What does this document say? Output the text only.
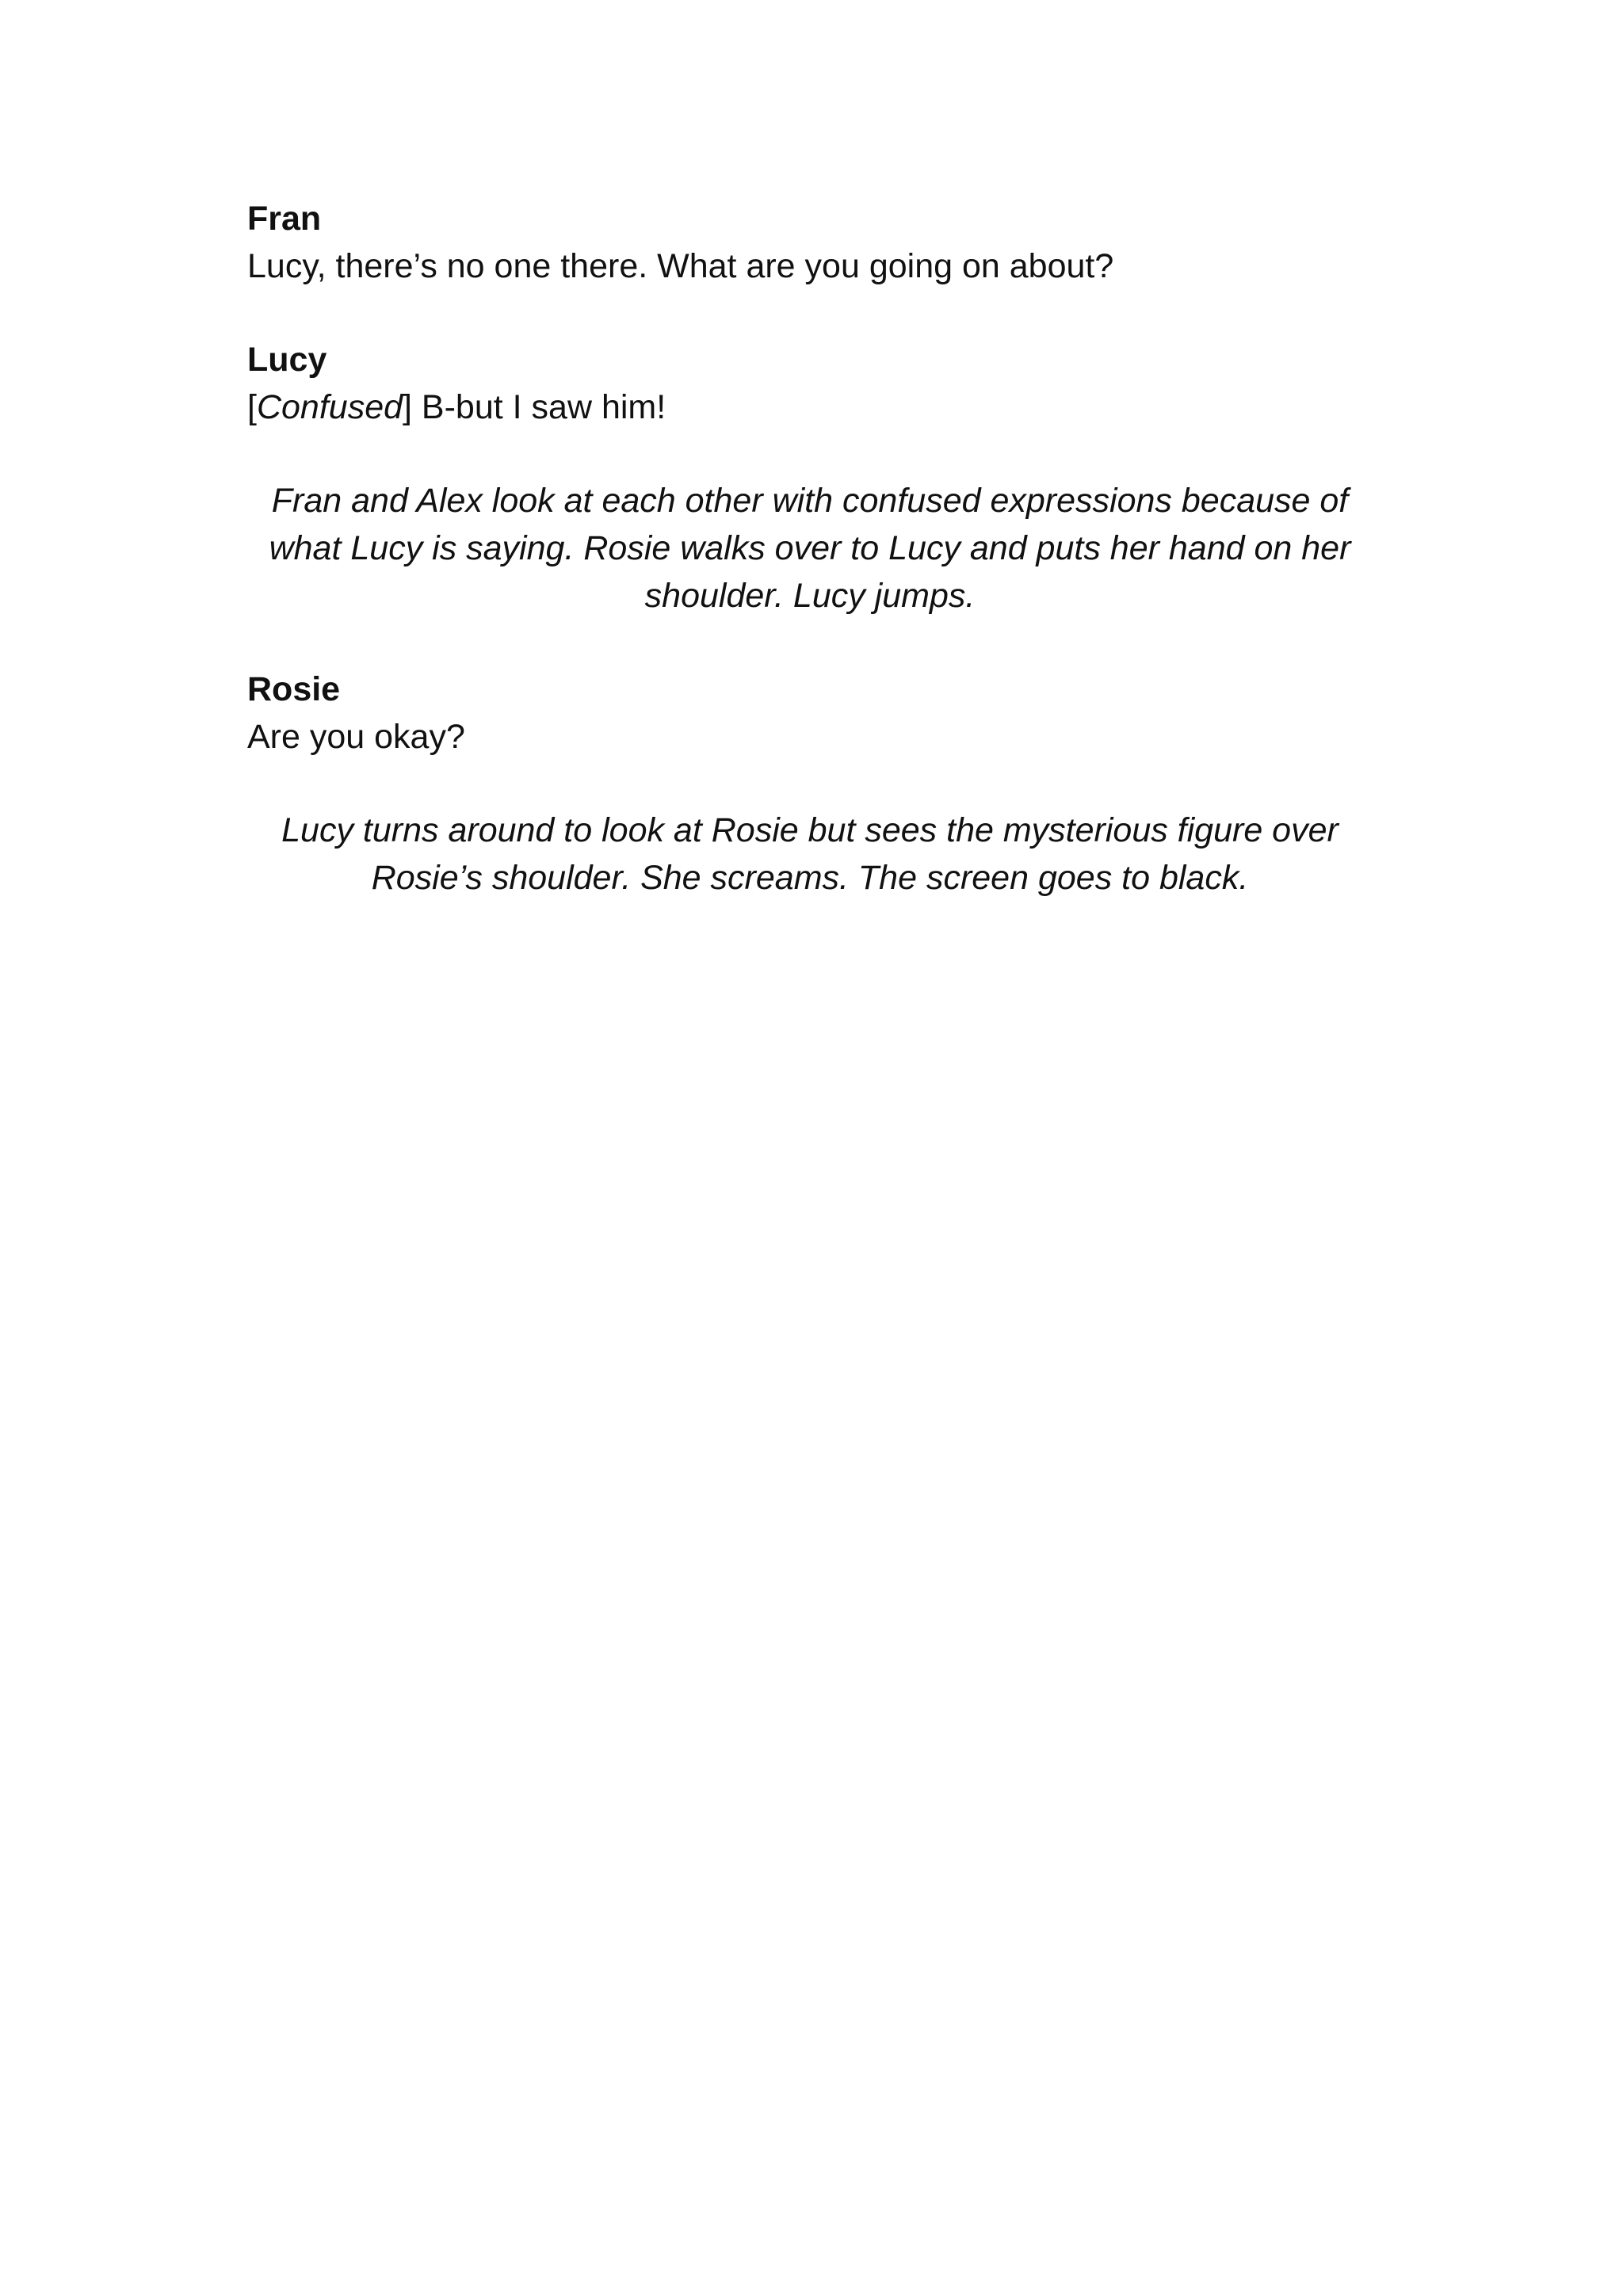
Fran

Lucy, there’s no one there. What are you going on about?

Lucy

[Confused] B-but I saw him!

Fran and Alex look at each other with confused expressions because of what Lucy is saying. Rosie walks over to Lucy and puts her hand on her shoulder. Lucy jumps.

Rosie

Are you okay?

Lucy turns around to look at Rosie but sees the mysterious figure over Rosie’s shoulder. She screams. The screen goes to black.
